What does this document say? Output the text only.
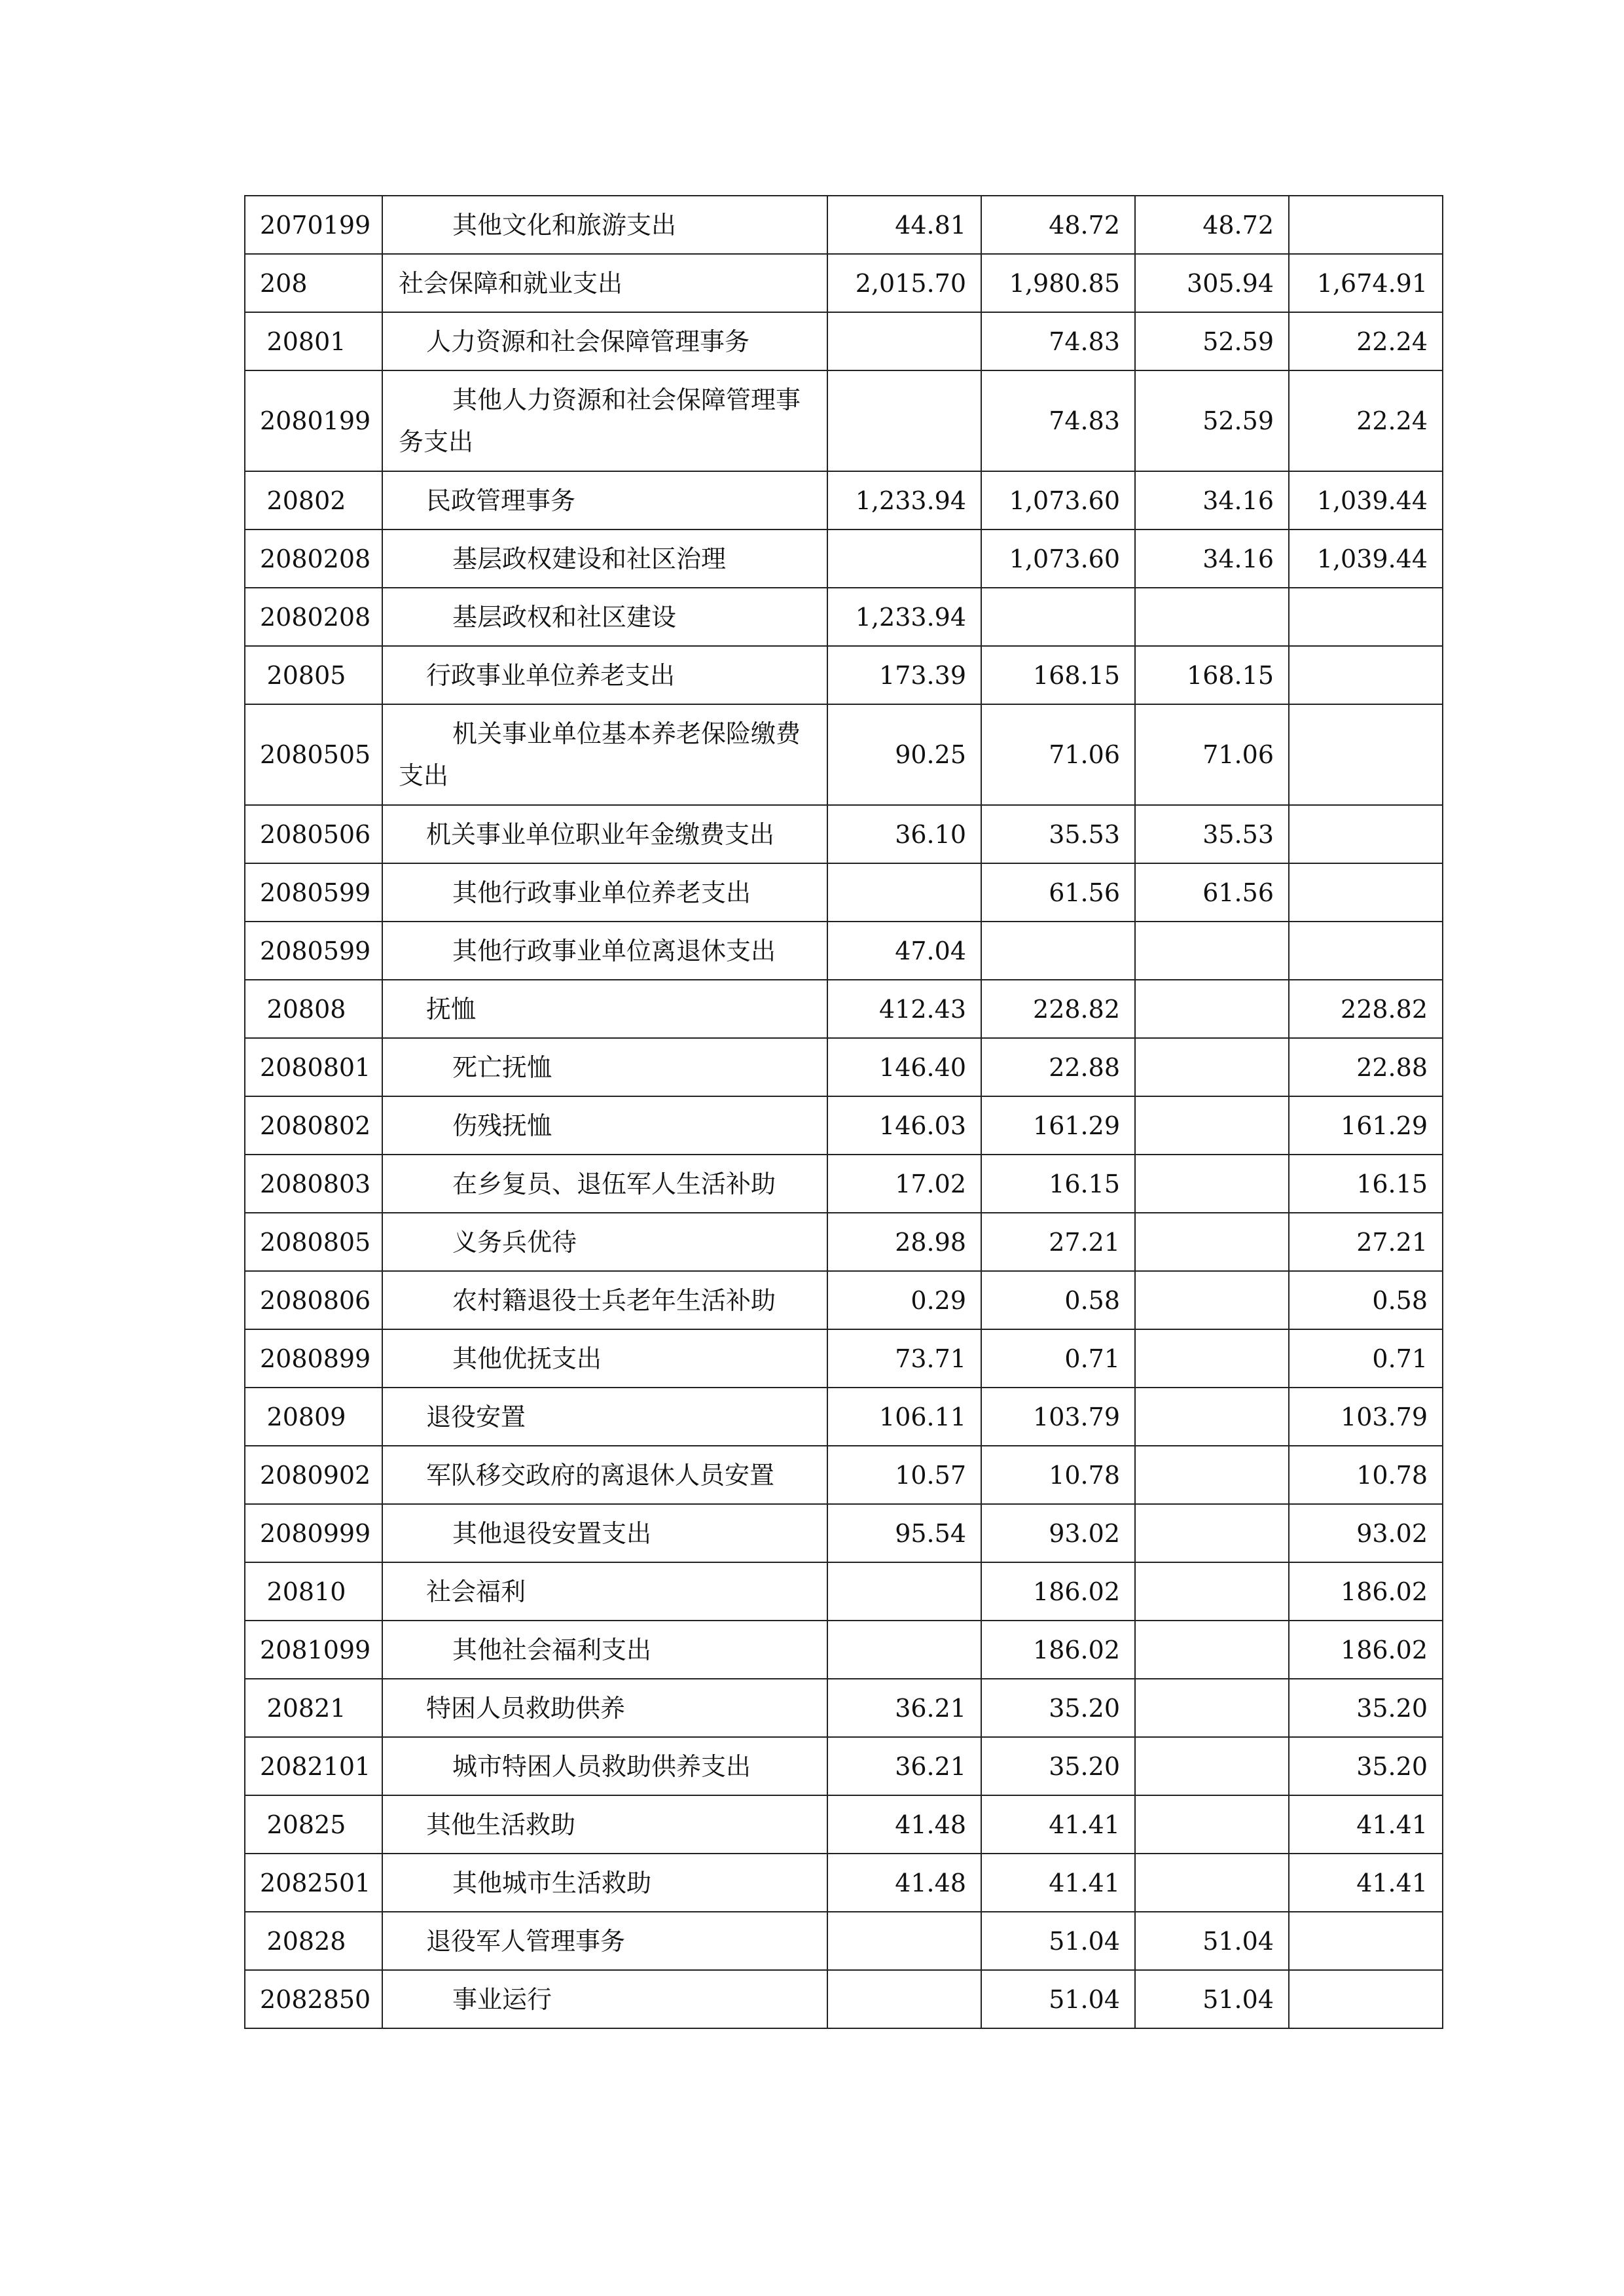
2070199	其他文化和旅游支出	44.81	48.72	48.72	
208	社会保障和就业支出	2,015.70	1,980.85	305.94	1,674.91
20801	人力资源和社会保障管理事务		74.83	52.59	22.24
2080199	其他人力资源和社会保障管理事务支出		74.83	52.59	22.24
20802	民政管理事务	1,233.94	1,073.60	34.16	1,039.44
2080208	基层政权建设和社区治理		1,073.60	34.16	1,039.44
2080208	基层政权和社区建设	1,233.94			
20805	行政事业单位养老支出	173.39	168.15	168.15	
2080505	机关事业单位基本养老保险缴费支出	90.25	71.06	71.06	
2080506	机关事业单位职业年金缴费支出	36.10	35.53	35.53	
2080599	其他行政事业单位养老支出		61.56	61.56	
2080599	其他行政事业单位离退休支出	47.04			
20808	抚恤	412.43	228.82		228.82
2080801	死亡抚恤	146.40	22.88		22.88
2080802	伤残抚恤	146.03	161.29		161.29
2080803	在乡复员、退伍军人生活补助	17.02	16.15		16.15
2080805	义务兵优待	28.98	27.21		27.21
2080806	农村籍退役士兵老年生活补助	0.29	0.58		0.58
2080899	其他优抚支出	73.71	0.71		0.71
20809	退役安置	106.11	103.79		103.79
2080902	军队移交政府的离退休人员安置	10.57	10.78		10.78
2080999	其他退役安置支出	95.54	93.02		93.02
20810	社会福利		186.02		186.02
2081099	其他社会福利支出		186.02		186.02
20821	特困人员救助供养	36.21	35.20		35.20
2082101	城市特困人员救助供养支出	36.21	35.20		35.20
20825	其他生活救助	41.48	41.41		41.41
2082501	其他城市生活救助	41.48	41.41		41.41
20828	退役军人管理事务		51.04	51.04	
2082850	事业运行		51.04	51.04	
